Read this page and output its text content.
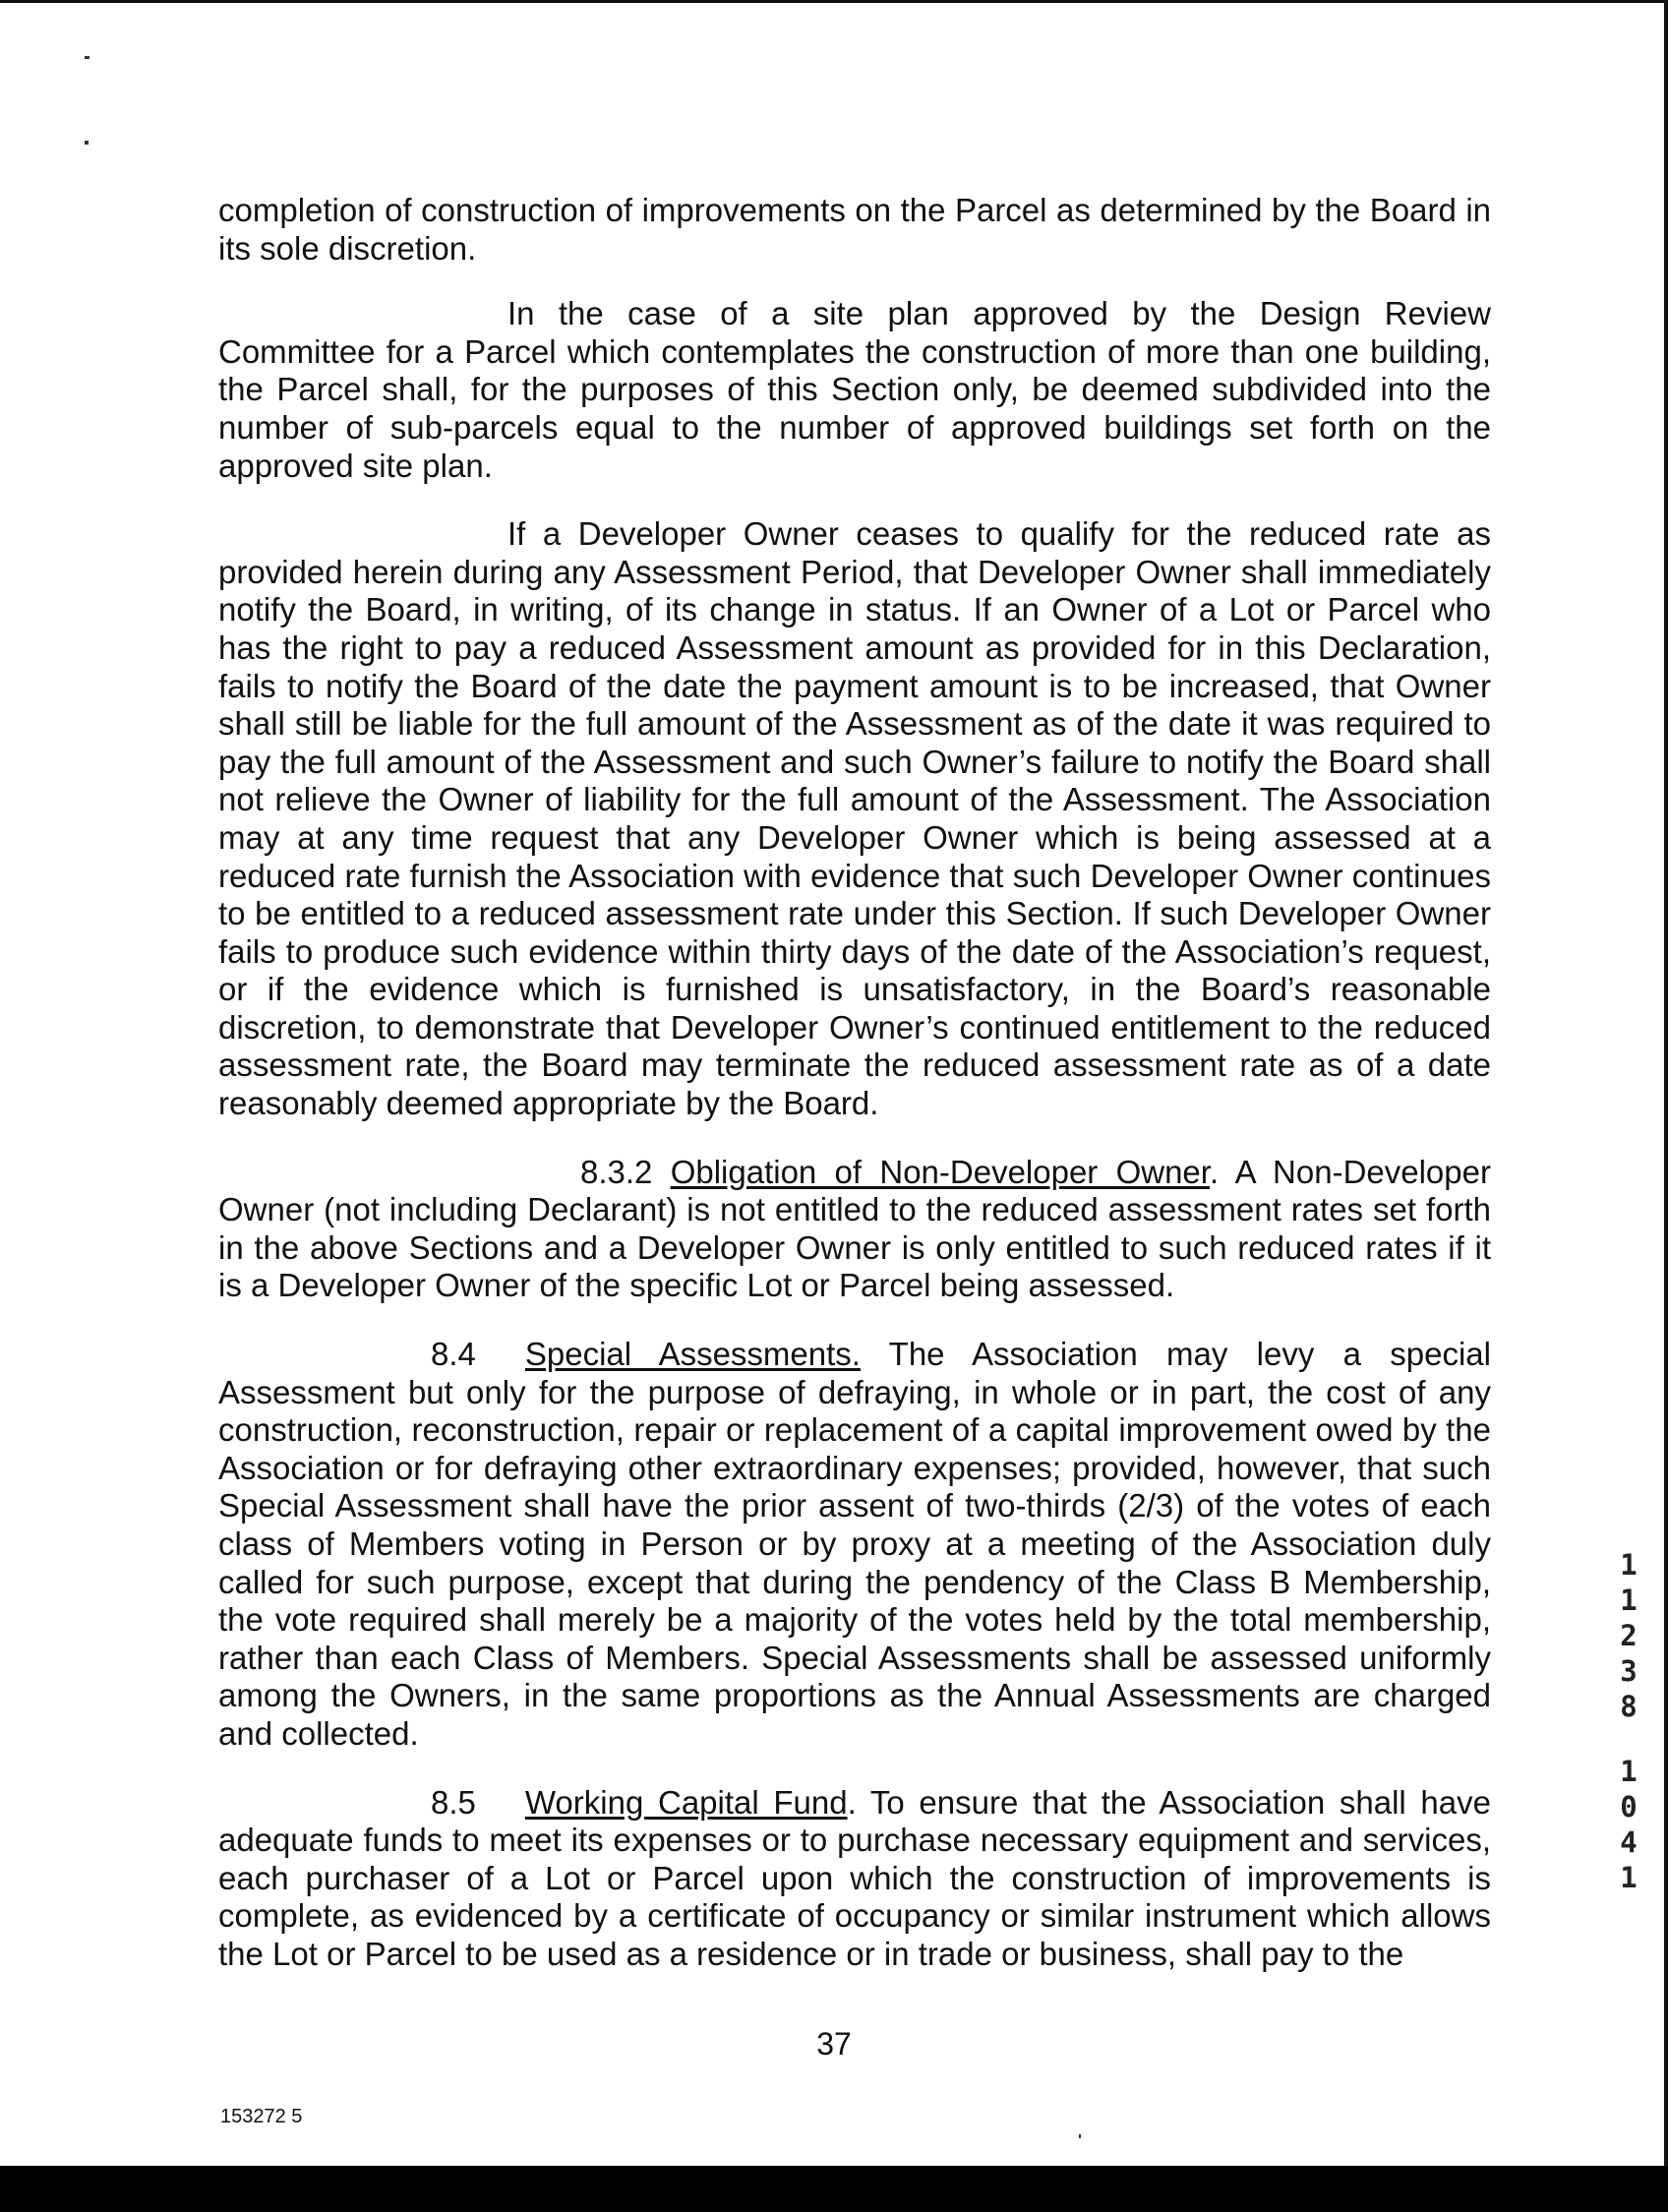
completion of construction of improvements on the Parcel as determined by the Board in its sole discretion.

In the case of a site plan approved by the Design Review Committee for a Parcel which contemplates the construction of more than one building, the Parcel shall, for the purposes of this Section only, be deemed subdivided into the number of sub-parcels equal to the number of approved buildings set forth on the approved site plan.

If a Developer Owner ceases to qualify for the reduced rate as provided herein during any Assessment Period, that Developer Owner shall immediately notify the Board, in writing, of its change in status. If an Owner of a Lot or Parcel who has the right to pay a reduced Assessment amount as provided for in this Declaration, fails to notify the Board of the date the payment amount is to be increased, that Owner shall still be liable for the full amount of the Assessment as of the date it was required to pay the full amount of the Assessment and such Owner’s failure to notify the Board shall not relieve the Owner of liability for the full amount of the Assessment. The Association may at any time request that any Developer Owner which is being assessed at a reduced rate furnish the Association with evidence that such Developer Owner continues to be entitled to a reduced assessment rate under this Section. If such Developer Owner fails to produce such evidence within thirty days of the date of the Association’s request, or if the evidence which is furnished is unsatisfactory, in the Board’s reasonable discretion, to demonstrate that Developer Owner’s continued entitlement to the reduced assessment rate, the Board may terminate the reduced assessment rate as of a date reasonably deemed appropriate by the Board.

8.3.2 Obligation of Non-Developer Owner. A Non-Developer Owner (not including Declarant) is not entitled to the reduced assessment rates set forth in the above Sections and a Developer Owner is only entitled to such reduced rates if it is a Developer Owner of the specific Lot or Parcel being assessed.

8.4 Special Assessments. The Association may levy a special Assessment but only for the purpose of defraying, in whole or in part, the cost of any construction, reconstruction, repair or replacement of a capital improvement owed by the Association or for defraying other extraordinary expenses; provided, however, that such Special Assessment shall have the prior assent of two-thirds (2/3) of the votes of each class of Members voting in Person or by proxy at a meeting of the Association duly called for such purpose, except that during the pendency of the Class B Membership, the vote required shall merely be a majority of the votes held by the total membership, rather than each Class of Members. Special Assessments shall be assessed uniformly among the Owners, in the same proportions as the Annual Assessments are charged and collected.

8.5 Working Capital Fund. To ensure that the Association shall have adequate funds to meet its expenses or to purchase necessary equipment and services, each purchaser of a Lot or Parcel upon which the construction of improvements is complete, as evidenced by a certificate of occupancy or similar instrument which allows the Lot or Parcel to be used as a residence or in trade or business, shall pay to the

37
153272 5
1
1
2
3
8
1
0
4
1
